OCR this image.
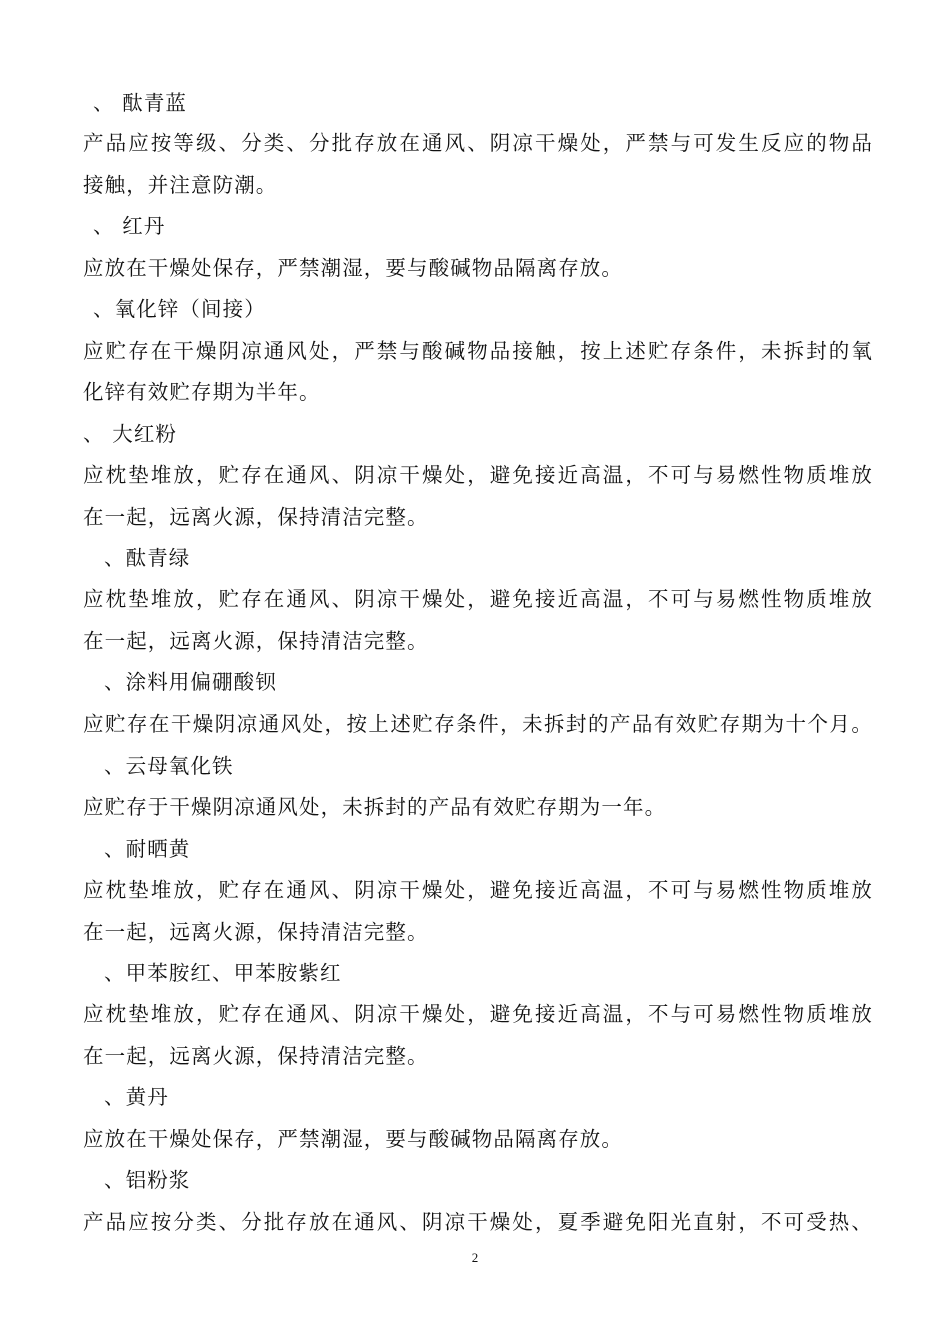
、 酞青蓝
产品应按等级、分类、分批存放在通风、阴凉干燥处，严禁与可发生反应的物品
接触，并注意防潮。
、 红丹
应放在干燥处保存，严禁潮湿，要与酸碱物品隔离存放。
、氧化锌（间接）
应贮存在干燥阴凉通风处，严禁与酸碱物品接触，按上述贮存条件，未拆封的氧
化锌有效贮存期为半年。
、 大红粉
应枕垫堆放，贮存在通风、阴凉干燥处，避免接近高温，不可与易燃性物质堆放
在一起，远离火源，保持清洁完整。
、酞青绿
应枕垫堆放，贮存在通风、阴凉干燥处，避免接近高温，不可与易燃性物质堆放
在一起，远离火源，保持清洁完整。
、涂料用偏硼酸钡
应贮存在干燥阴凉通风处，按上述贮存条件，未拆封的产品有效贮存期为十个月。
、云母氧化铁
应贮存于干燥阴凉通风处，未拆封的产品有效贮存期为一年。
、耐晒黄
应枕垫堆放，贮存在通风、阴凉干燥处，避免接近高温，不可与易燃性物质堆放
在一起，远离火源，保持清洁完整。
、甲苯胺红、甲苯胺紫红
应枕垫堆放，贮存在通风、阴凉干燥处，避免接近高温，不与可易燃性物质堆放
在一起，远离火源，保持清洁完整。
、黄丹
应放在干燥处保存，严禁潮湿，要与酸碱物品隔离存放。
、铝粉浆
产品应按分类、分批存放在通风、阴凉干燥处，夏季避免阳光直射，不可受热、
2
